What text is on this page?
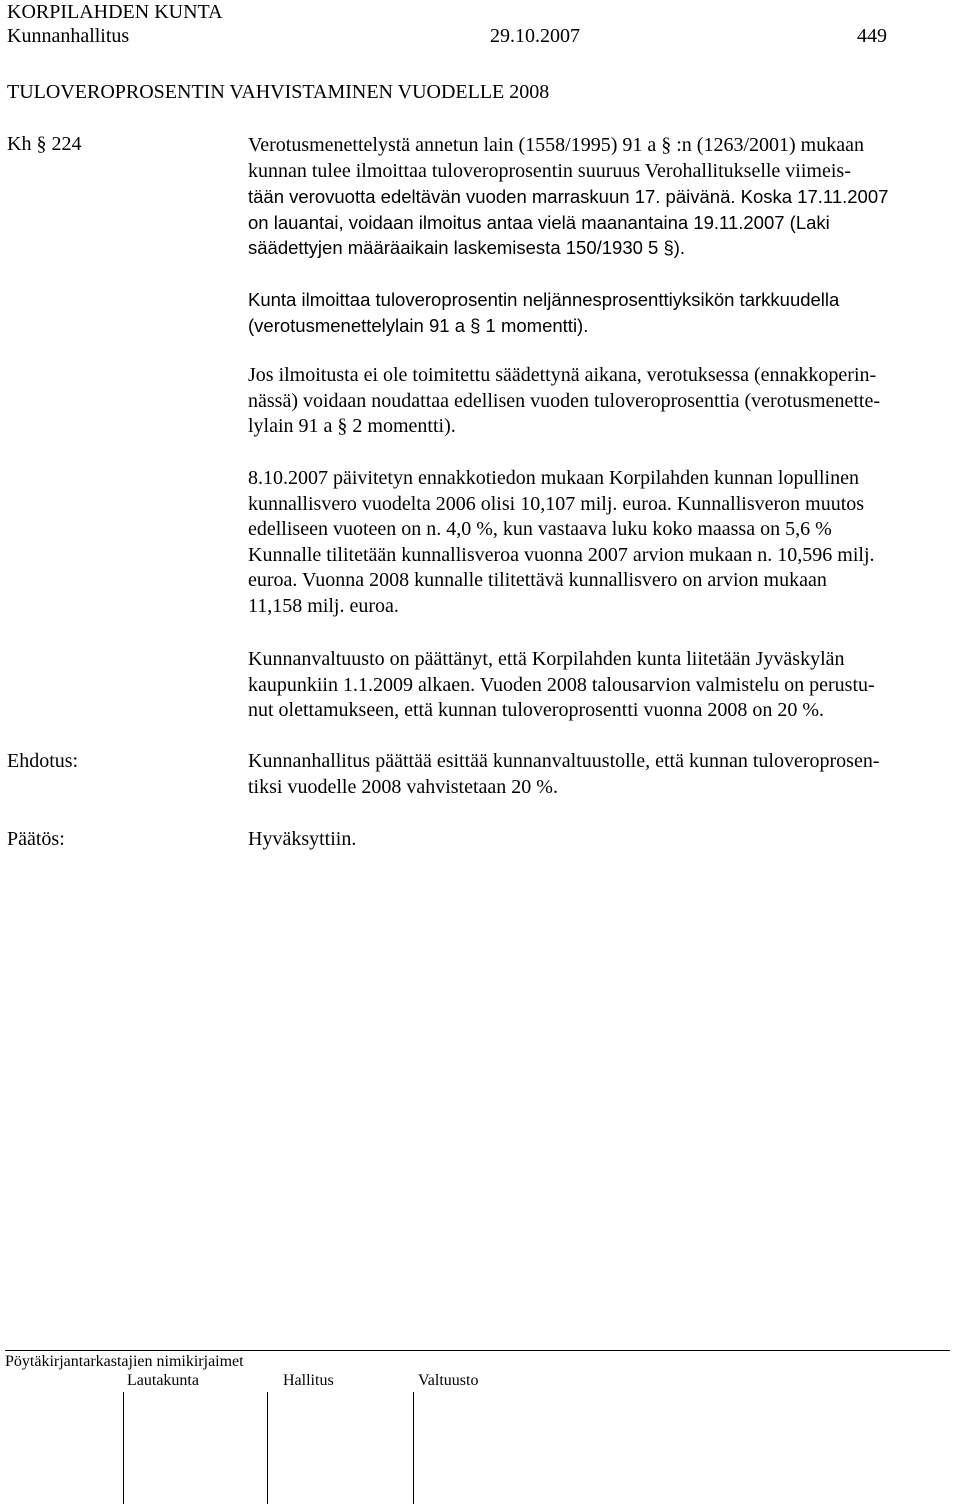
KORPILAHDEN KUNTA
Kunnanhallitus	29.10.2007	449
TULOVEROPROSENTIN VAHVISTAMINEN VUODELLE 2008
Kh § 224	Verotusmenettelystä annetun lain (1558/1995) 91 a § :n (1263/2001) mukaan
kunnan tulee ilmoittaa tuloveroprosentin suuruus Verohallitukselle viimeis-
tään verovuotta edeltävän vuoden marraskuun 17. päivänä. Koska 17.11.2007
on lauantai, voidaan ilmoitus antaa vielä maanantaina 19.11.2007 (Laki
säädettyjen määräaikain laskemisesta 150/1930 5 §).
Kunta ilmoittaa tuloveroprosentin neljännesprosenttiyksikön tarkkuudella
(verotusmenettelylain 91 a § 1 momentti).
Jos ilmoitusta ei ole toimitettu säädettynä aikana, verotuksessa (ennakkoperin-
nässä) voidaan noudattaa edellisen vuoden tuloveroprosenttia (verotusmenette-
lylain 91 a § 2 momentti).
8.10.2007 päivitetyn ennakkotiedon mukaan Korpilahden kunnan lopullinen
kunnallisvero vuodelta 2006 olisi 10,107 milj. euroa. Kunnallisveron muutos
edelliseen vuoteen on n. 4,0 %, kun vastaava luku koko maassa on 5,6 %
Kunnalle tilitetään kunnallisveroa vuonna 2007 arvion mukaan n. 10,596 milj.
euroa. Vuonna 2008 kunnalle tilitettävä kunnallisvero on arvion mukaan
11,158 milj. euroa.
Kunnanvaltuusto on päättänyt, että Korpilahden kunta liitetään Jyväskylän
kaupunkiin 1.1.2009 alkaen. Vuoden 2008 talousarvion valmistelu on perustu-
nut olettamukseen, että kunnan tuloveroprosentti vuonna 2008 on 20 %.
Ehdotus:	Kunnanhallitus päättää esittää kunnanvaltuustolle, että kunnan tuloveroprosen-
tiksi vuodelle 2008 vahvistetaan 20 %.
Päätös:	Hyväksyttiin.
Pöytäkirjantarkastajien nimikirjaimet
Lautakunta	Hallitus	Valtuusto
